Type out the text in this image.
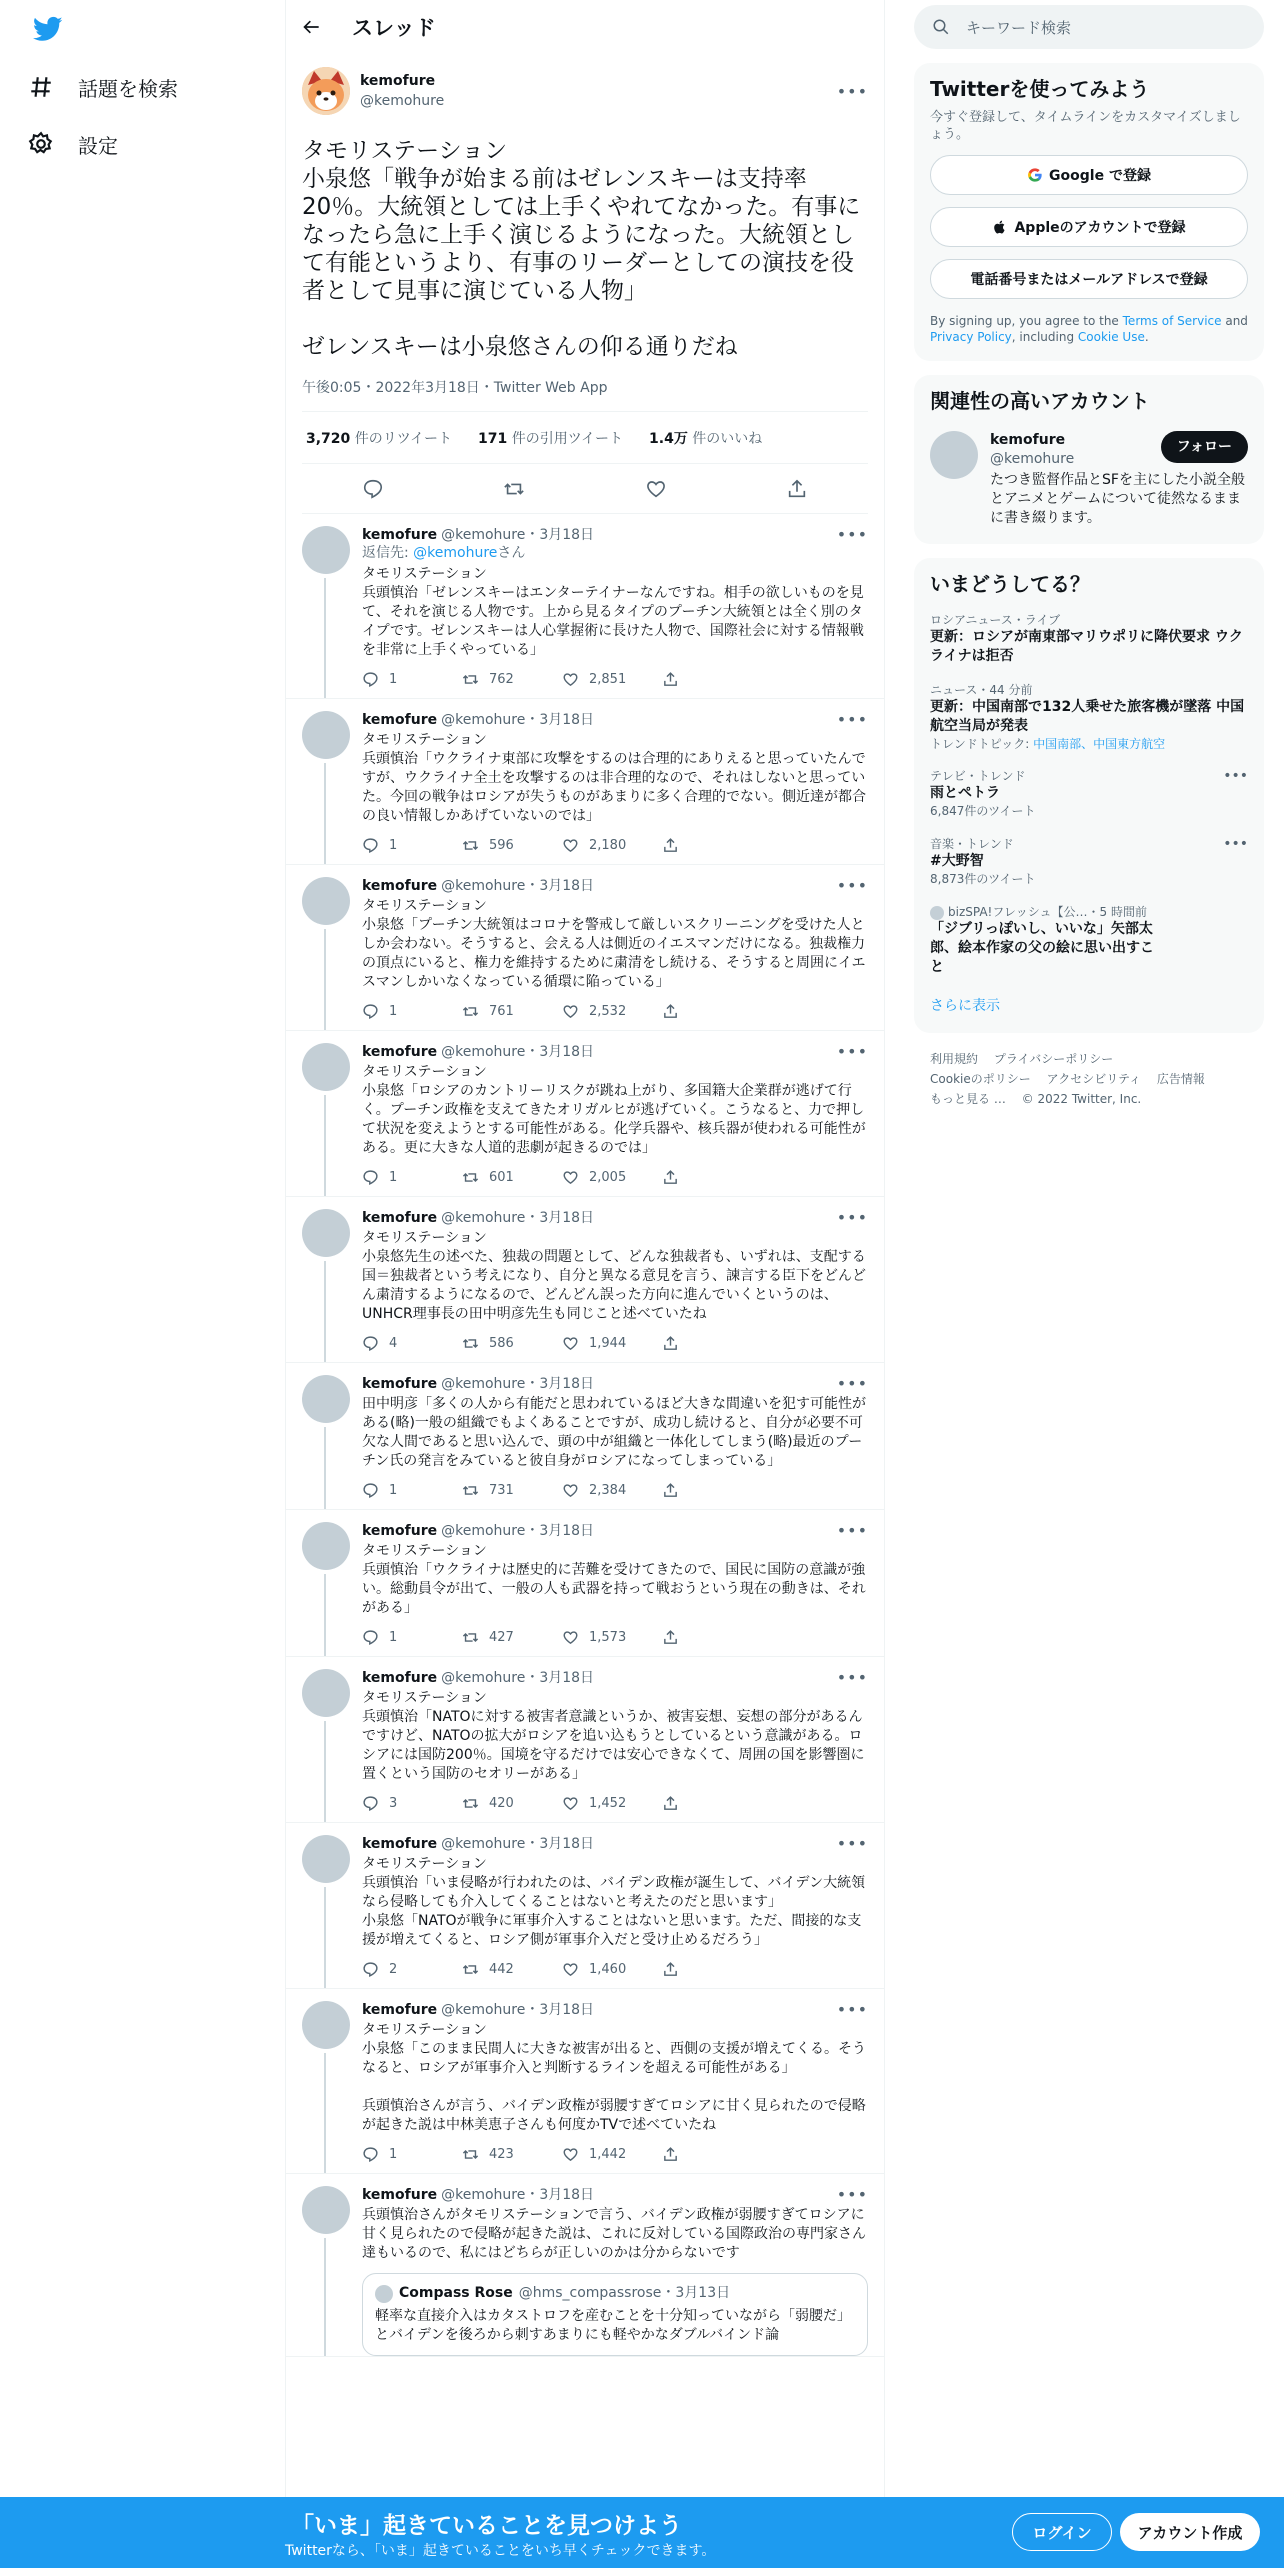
話題を検索
設定
スレッド
kemofure
@kemohure
•••
タモリステーション
小泉悠「戦争が始まる前はゼレンスキーは支持率20％。大統領としては上手くやれてなかった。有事になったら急に上手く演じるようになった。大統領として有能というより、有事のリーダーとしての演技を役者として見事に演じている人物」

ゼレンスキーは小泉悠さんの仰る通りだね
午後0:05・2022年3月18日・Twitter Web App
3,720 件のリツイート 171 件の引用ツイート 1.4万 件のいいね
kemofure @kemohure・3月18日	•••
返信先: @kemohureさん
タモリステーション
兵頭慎治「ゼレンスキーはエンターテイナーなんですね。相手の欲しいものを見て、それを演じる人物です。上から見るタイプのプーチン大統領とは全く別のタイプです。ゼレンスキーは人心掌握術に長けた人物で、国際社会に対する情報戦を非常に上手くやっている」
1	762	2,851
kemofure @kemohure・3月18日	•••
タモリステーション
兵頭慎治「ウクライナ東部に攻撃をするのは合理的にありえると思っていたんですが、ウクライナ全土を攻撃するのは非合理的なので、それはしないと思っていた。今回の戦争はロシアが失うものがあまりに多く合理的でない。側近達が都合の良い情報しかあげていないのでは」
1	596	2,180
kemofure @kemohure・3月18日	•••
タモリステーション
小泉悠「プーチン大統領はコロナを警戒して厳しいスクリーニングを受けた人としか会わない。そうすると、会える人は側近のイエスマンだけになる。独裁権力の頂点にいると、権力を維持するために粛清をし続ける、そうすると周囲にイエスマンしかいなくなっている循環に陥っている」
1	761	2,532
kemofure @kemohure・3月18日	•••
タモリステーション
小泉悠「ロシアのカントリーリスクが跳ね上がり、多国籍大企業群が逃げて行く。プーチン政権を支えてきたオリガルヒが逃げていく。こうなると、力で押して状況を変えようとする可能性がある。化学兵器や、核兵器が使われる可能性がある。更に大きな人道的悲劇が起きるのでは」
1	601	2,005
kemofure @kemohure・3月18日	•••
タモリステーション
小泉悠先生の述べた、独裁の問題として、どんな独裁者も、いずれは、支配する国＝独裁者という考えになり、自分と異なる意見を言う、諫言する臣下をどんどん粛清するようになるので、どんどん誤った方向に進んでいくというのは、UNHCR理事長の田中明彦先生も同じこと述べていたね
4	586	1,944
kemofure @kemohure・3月18日	•••
田中明彦「多くの人から有能だと思われているほど大きな間違いを犯す可能性がある(略)一般の組織でもよくあることですが、成功し続けると、自分が必要不可欠な人間であると思い込んで、頭の中が組織と一体化してしまう(略)最近のプーチン氏の発言をみていると彼自身がロシアになってしまっている」
1	731	2,384
kemofure @kemohure・3月18日	•••
タモリステーション
兵頭慎治「ウクライナは歴史的に苦難を受けてきたので、国民に国防の意識が強い。総動員令が出て、一般の人も武器を持って戦おうという現在の動きは、それがある」
1	427	1,573
kemofure @kemohure・3月18日	•••
タモリステーション
兵頭慎治「NATOに対する被害者意識というか、被害妄想、妄想の部分があるんですけど、NATOの拡大がロシアを追い込もうとしているという意識がある。ロシアには国防200％。国境を守るだけでは安心できなくて、周囲の国を影響圏に置くという国防のセオリーがある」
3	420	1,452
kemofure @kemohure・3月18日	•••
タモリステーション
兵頭慎治「いま侵略が行われたのは、バイデン政権が誕生して、バイデン大統領なら侵略しても介入してくることはないと考えたのだと思います」
小泉悠「NATOが戦争に軍事介入することはないと思います。ただ、間接的な支援が増えてくると、ロシア側が軍事介入だと受け止めるだろう」
2	442	1,460
kemofure @kemohure・3月18日	•••
タモリステーション
小泉悠「このまま民間人に大きな被害が出ると、西側の支援が増えてくる。そうなると、ロシアが軍事介入と判断するラインを超える可能性がある」

兵頭慎治さんが言う、バイデン政権が弱腰すぎてロシアに甘く見られたので侵略が起きた説は中林美恵子さんも何度かTVで述べていたね
1	423	1,442
kemofure @kemohure・3月18日	•••
兵頭慎治さんがタモリステーションで言う、バイデン政権が弱腰すぎてロシアに甘く見られたので侵略が起きた説は、これに反対している国際政治の専門家さん達もいるので、私にはどちらが正しいのかは分からないです
Compass Rose @hms_compassrose・3月13日
軽率な直接介入はカタストロフを産むことを十分知っていながら「弱腰だ」とバイデンを後ろから刺すあまりにも軽やかなダブルバインド論
キーワード検索
Twitterを使ってみよう
今すぐ登録して、タイムラインをカスタマイズしましょう。
Google で登録
Appleのアカウントで登録
電話番号またはメールアドレスで登録
By signing up, you agree to the Terms of Service and Privacy Policy, including Cookie Use.
関連性の高いアカウント
kemofure
@kemohure
フォロー
たつき監督作品とSFを主にした小説全般とアニメとゲームについて徒然なるままに書き綴ります。
いまどうしてる？
ロシアニュース・ライブ
更新：ロシアが南東部マリウポリに降伏要求 ウクライナは拒否
ニュース・44 分前
更新：中国南部で132人乗せた旅客機が墜落 中国航空当局が発表
トレンドトピック: 中国南部、中国東方航空
テレビ・トレンド
雨とペトラ
6,847件のツイート
•••
音楽・トレンド
#大野智
8,873件のツイート
•••
bizSPA!フレッシュ【公…・5 時間前
「ジブリっぽいし、いいな」矢部太郎、絵本作家の父の絵に思い出すこと
さらに表示
利用規約 プライバシーポリシー
Cookieのポリシー アクセシビリティ 広告情報
もっと見る … © 2022 Twitter, Inc.
「いま」起きていることを見つけよう
Twitterなら、「いま」起きていることをいち早くチェックできます。
ログイン	アカウント作成
